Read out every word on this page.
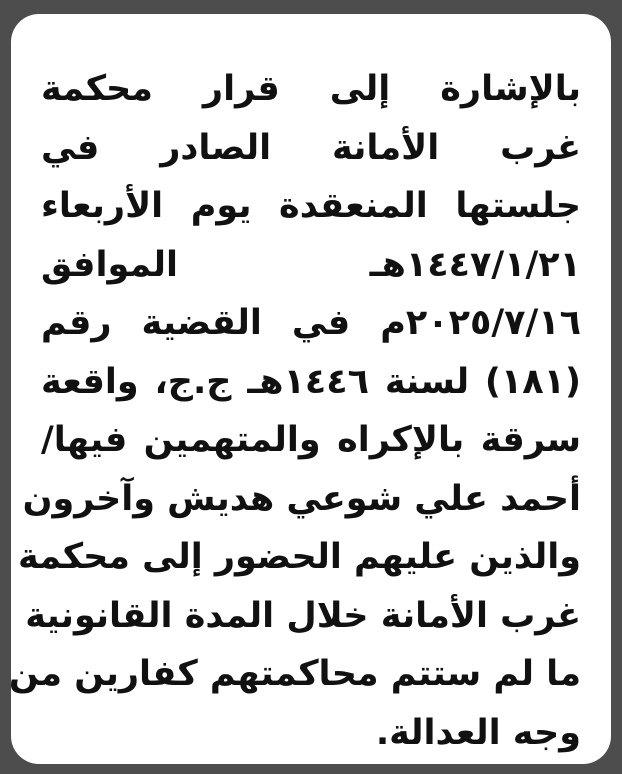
بالإشارة إلى قرار محكمة
غرب الأمانة الصادر في
جلستها المنعقدة يوم الأربعاء
١٤٤٧/١/٢١هـ الموافق
٢٠٢٥/٧/١٦م في القضية رقم
(١٨١) لسنة ١٤٤٦هـ ج.ج، واقعة
سرقة بالإكراه والمتهمين فيها/
أحمد علي شوعي هديش وآخرون
والذين عليهم الحضور إلى محكمة
غرب الأمانة خلال المدة القانونية
ما لم ستتم محاكمتهم كفارين من
وجه العدالة.
